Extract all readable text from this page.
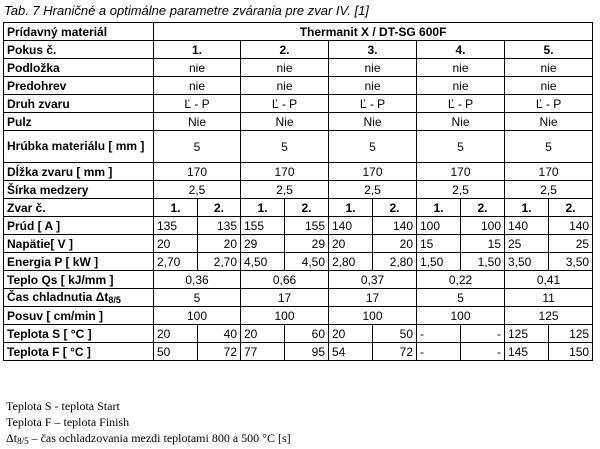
Tab. 7 Hraničné a optimálne parametre zvárania pre zvar IV. [1]
Prídavný materiál	Thermanit X / DT-SG 600F									
Pokus č.	1.		2.		3.		4.		5.	
Podložka	nie		nie		nie		nie		nie	
Predohrev	nie		nie		nie		nie		nie	
Druh zvaru	Ľ - P		Ľ - P		Ľ - P		Ľ - P		Ľ - P	
Pulz	Nie		Nie		Nie		Nie		Nie	
Hrúbka materiálu [ mm ]	5		5		5		5		5	
Dĺžka zvaru [ mm ]	170		170		170		170		170	
Šírka medzery	2,5		2,5		2,5		2,5		2,5	
Zvar č.	1.	2.	1.	2.	1.	2.	1.	2.	1.	2.
Prúd [ A ]	135	135	155	155	140	140	100	100	140	140
Napätie[ V ]	20	20	29	29	20	20	15	15	25	25
Energia P [ kW ]	2,70	2,70	4,50	4,50	2,80	2,80	1,50	1,50	3,50	3,50
Teplo Qs [ kJ/mm ]	0,36		0,66		0,37		0,22		0,41	
Čas chladnutia $\Delta t_{8/5}$	5		17		17		5		11	
Posuv [ cm/min ]	100		100		100		100		125	
Teplota S [ °C ]	20	40	20	60	20	50	-	-	125	125
Teplota F [ °C ]	50	72	77	95	54	72	-	-	145	150
Teplota S - teplota Start
Teplota F – teplota Finish
$\Delta t_{8/5}$ – čas ochladzovania mezdi teplotami 800 a 500 °C [s]
